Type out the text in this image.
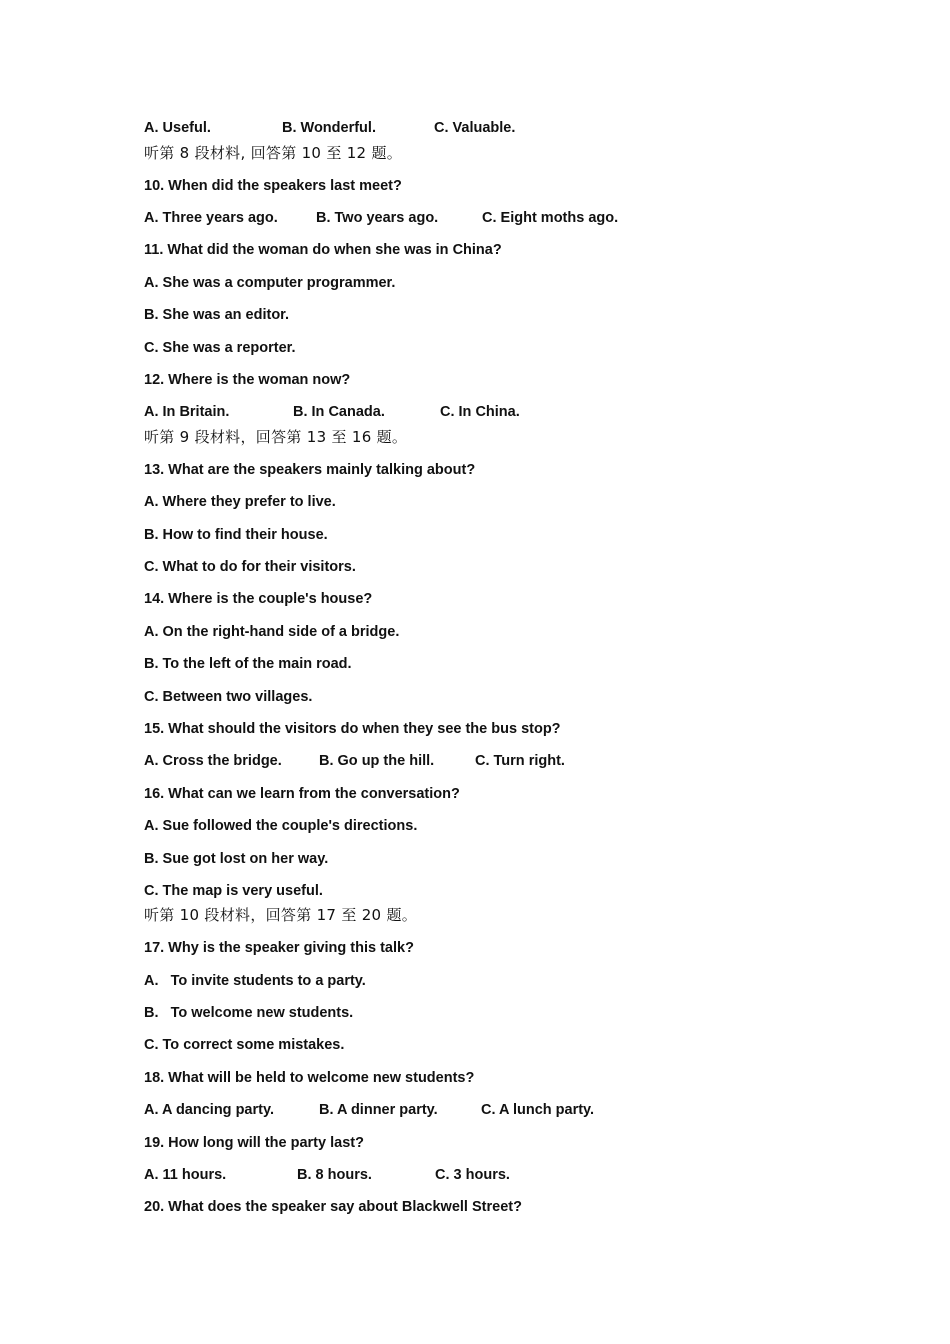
A. Useful.	B. Wonderful.	C. Valuable.
听第 8 段材料, 回答第 10 至 12 题。
10. When did the speakers last meet?
A. Three years ago.	B. Two years ago.	C. Eight moths ago.
11. What did the woman do when she was in China?
A. She was a computer programmer.
B. She was an editor.
C. She was a reporter.
12. Where is the woman now?
A. In Britain.	B. In Canada.	C. In China.
听第 9 段材料，回答第 13 至 16 题。
13. What are the speakers mainly talking about?
A. Where they prefer to live.
B. How to find their house.
C. What to do for their visitors.
14. Where is the couple's house?
A. On the right-hand side of a bridge.
B. To the left of the main road.
C. Between two villages.
15. What should the visitors do when they see the bus stop?
A. Cross the bridge.	B. Go up the hill.	C. Turn right.
16. What can we learn from the conversation?
A. Sue followed the couple's directions.
B. Sue got lost on her way.
C. The map is very useful.
听第 10 段材料，回答第 17 至 20 题。
17. Why is the speaker giving this talk?
A.   To invite students to a party.
B.   To welcome new students.
C. To correct some mistakes.
18. What will be held to welcome new students?
A. A dancing party.	B. A dinner party.	C. A lunch party.
19. How long will the party last?
A. 11 hours.	B. 8 hours.	C. 3 hours.
20. What does the speaker say about Blackwell Street?
